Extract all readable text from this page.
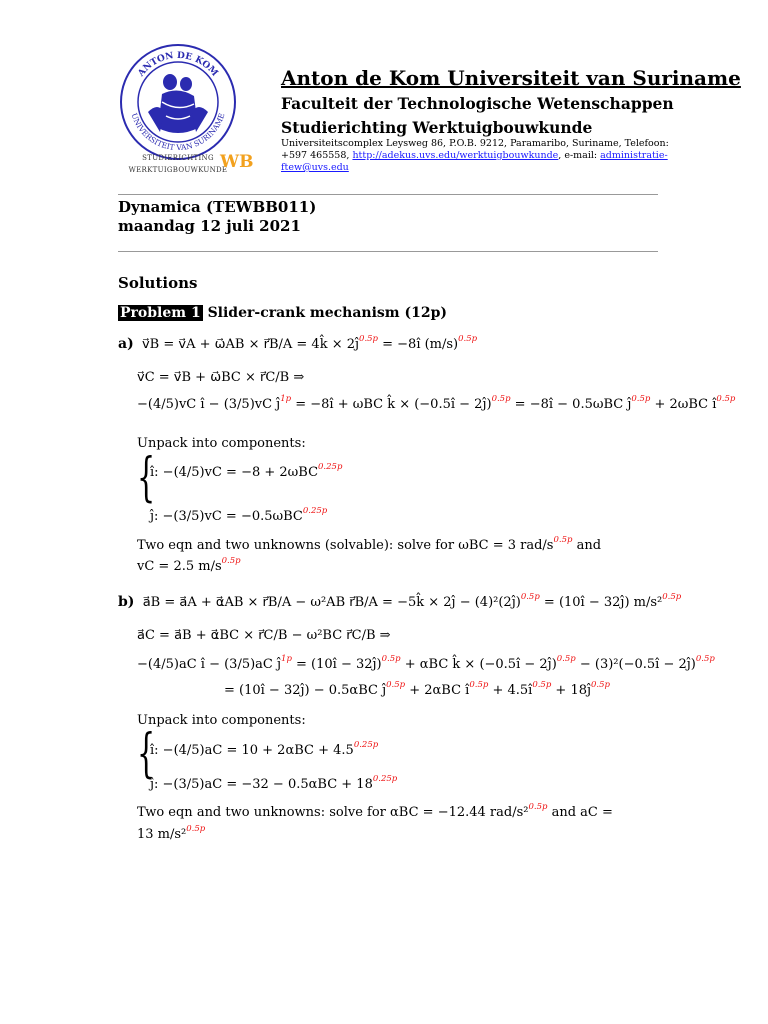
ANTON DE KOM
UNIVERSITEIT VAN SURINAME
STUDIERICHTING
WERKTUIGBOUWKUNDE
WB
Anton de Kom Universiteit van Suriname
Faculteit der Technologische Wetenschappen
Studierichting Werktuigbouwkunde
Universiteitscomplex Leysweg 86, P.O.B. 9212, Paramaribo, Suriname, Telefoon: +597 465558, http://adekus.uvs.edu/werktuigbouwkunde, e-mail: administratie-ftew@uvs.edu
Dynamica (TEWBB011)
maandag 12 juli 2021
Solutions
Problem 1 Slider-crank mechanism (12p)
a) v⃗B = v⃗A + ω⃗AB × r⃗B/A = 4k̂ × $2ĵ^{0.5p}$ = −8î $(m/s)^{0.5p}$
v⃗C = v⃗B + ω⃗BC × r⃗C/B ⇒
−(4/5)vC î − (3/5)vC $ĵ^{1p}$ = −8î + ωBC k̂ × (−0.5î − 2ĵ)$^{0.5p}$ = −8î − 0.5ωBC $ĵ^{0.5p} + 2\omega BC$ $î^{0.5p}$
Unpack into components:
{
î: −(4/5)vC = −8 + 2ωBC$^{0.25p}$
ĵ: −(3/5)vC = −0.5ωBC$^{0.25p}$
Two eqn and two unknowns (solvable): solve for ωBC = 3 rad/$s^{0.5p}$ and
vC = 2.5 $m/s^{0.5p}$
b) a⃗B = a⃗A + α⃗AB × r⃗B/A − ω²AB r⃗B/A = −5k̂ × 2ĵ − (4)²(2ĵ)$^{0.5p}$ = (10î − 32ĵ) m/s²$^{0.5p}$
a⃗C = a⃗B + α⃗BC × r⃗C/B − ω²BC r⃗C/B ⇒
−(4/5)aC î − (3/5)aC $ĵ^{1p}$ = (10î − 32ĵ)$^{0.5p}$ + αBC k̂ × (−0.5î − 2ĵ)$^{0.5p}$ − (3)²(−0.5î − 2ĵ)$^{0.5p}$
= (10î − 32ĵ) − 0.5αBC $ĵ^{0.5p} + 2\alpha BC$ $î^{0.5p}$ + $4.5î^{0.5p}$ + $18ĵ^{0.5p}$
Unpack into components:
{
î: $-(4/5)aC = 10 + 2\alpha BC + 4.5^{0.25p}$
ĵ: $-(3/5)aC = -32 - 0.5\alpha BC + 18^{0.25p}$
Two eqn and two unknowns: solve for αBC = −12.44 rad/s²$^{0.5p}$ and aC =
13 m/s²$^{0.5p}$
